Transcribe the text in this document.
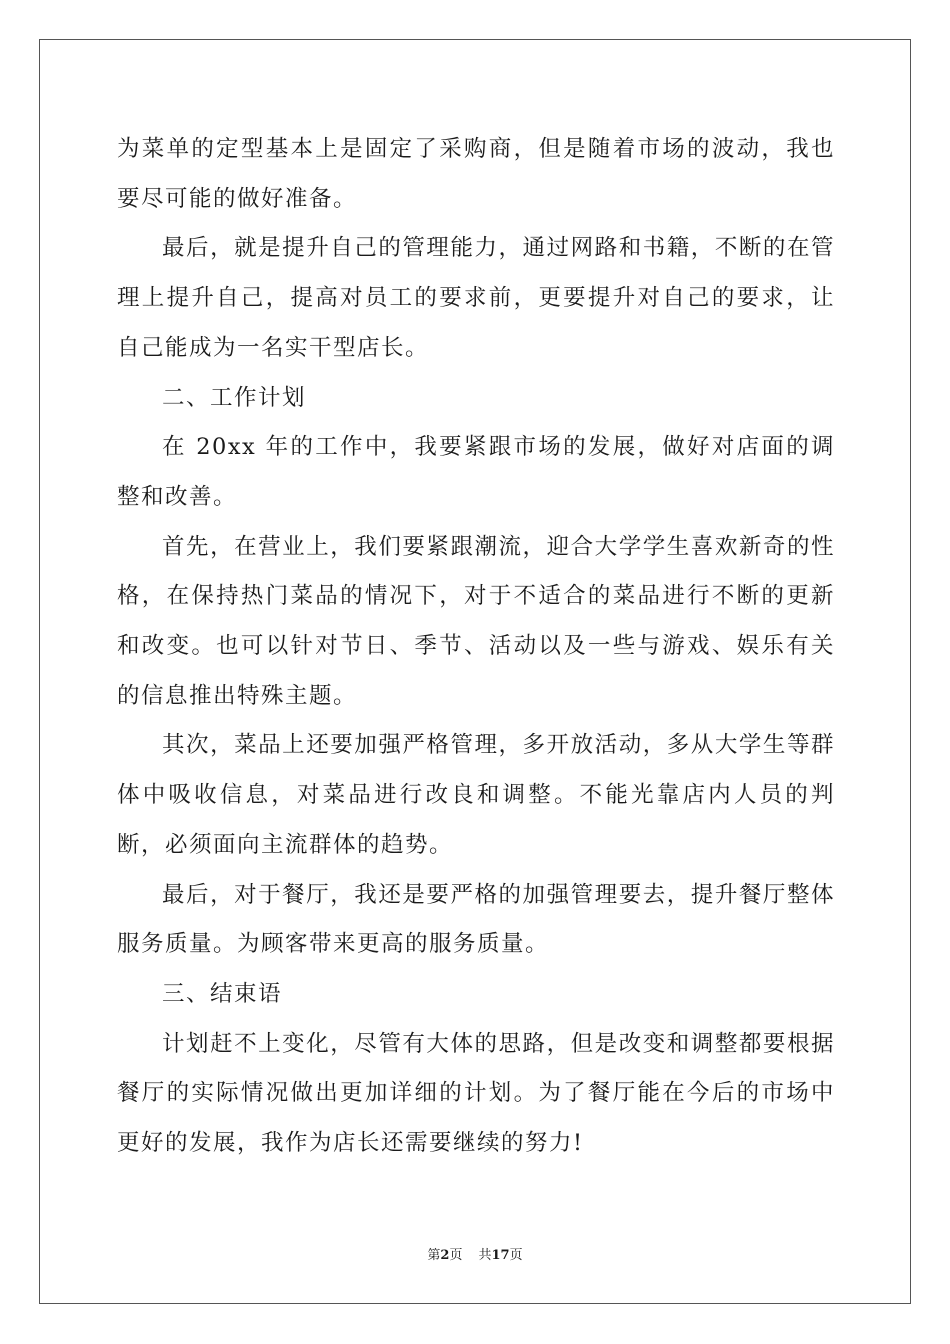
为菜单的定型基本上是固定了采购商，但是随着市场的波动，我也要尽可能的做好准备。

最后，就是提升自己的管理能力，通过网路和书籍，不断的在管理上提升自己，提高对员工的要求前，更要提升对自己的要求，让自己能成为一名实干型店长。

二、工作计划

在 20xx 年的工作中，我要紧跟市场的发展，做好对店面的调整和改善。

首先，在营业上，我们要紧跟潮流，迎合大学学生喜欢新奇的性格，在保持热门菜品的情况下，对于不适合的菜品进行不断的更新和改变。也可以针对节日、季节、活动以及一些与游戏、娱乐有关的信息推出特殊主题。

其次，菜品上还要加强严格管理，多开放活动，多从大学生等群体中吸收信息，对菜品进行改良和调整。不能光靠店内人员的判断，必须面向主流群体的趋势。

最后，对于餐厅，我还是要严格的加强管理要去，提升餐厅整体服务质量。为顾客带来更高的服务质量。

三、结束语

计划赶不上变化，尽管有大体的思路，但是改变和调整都要根据餐厅的实际情况做出更加详细的计划。为了餐厅能在今后的市场中更好的发展，我作为店长还需要继续的努力!

第2页 共17页
